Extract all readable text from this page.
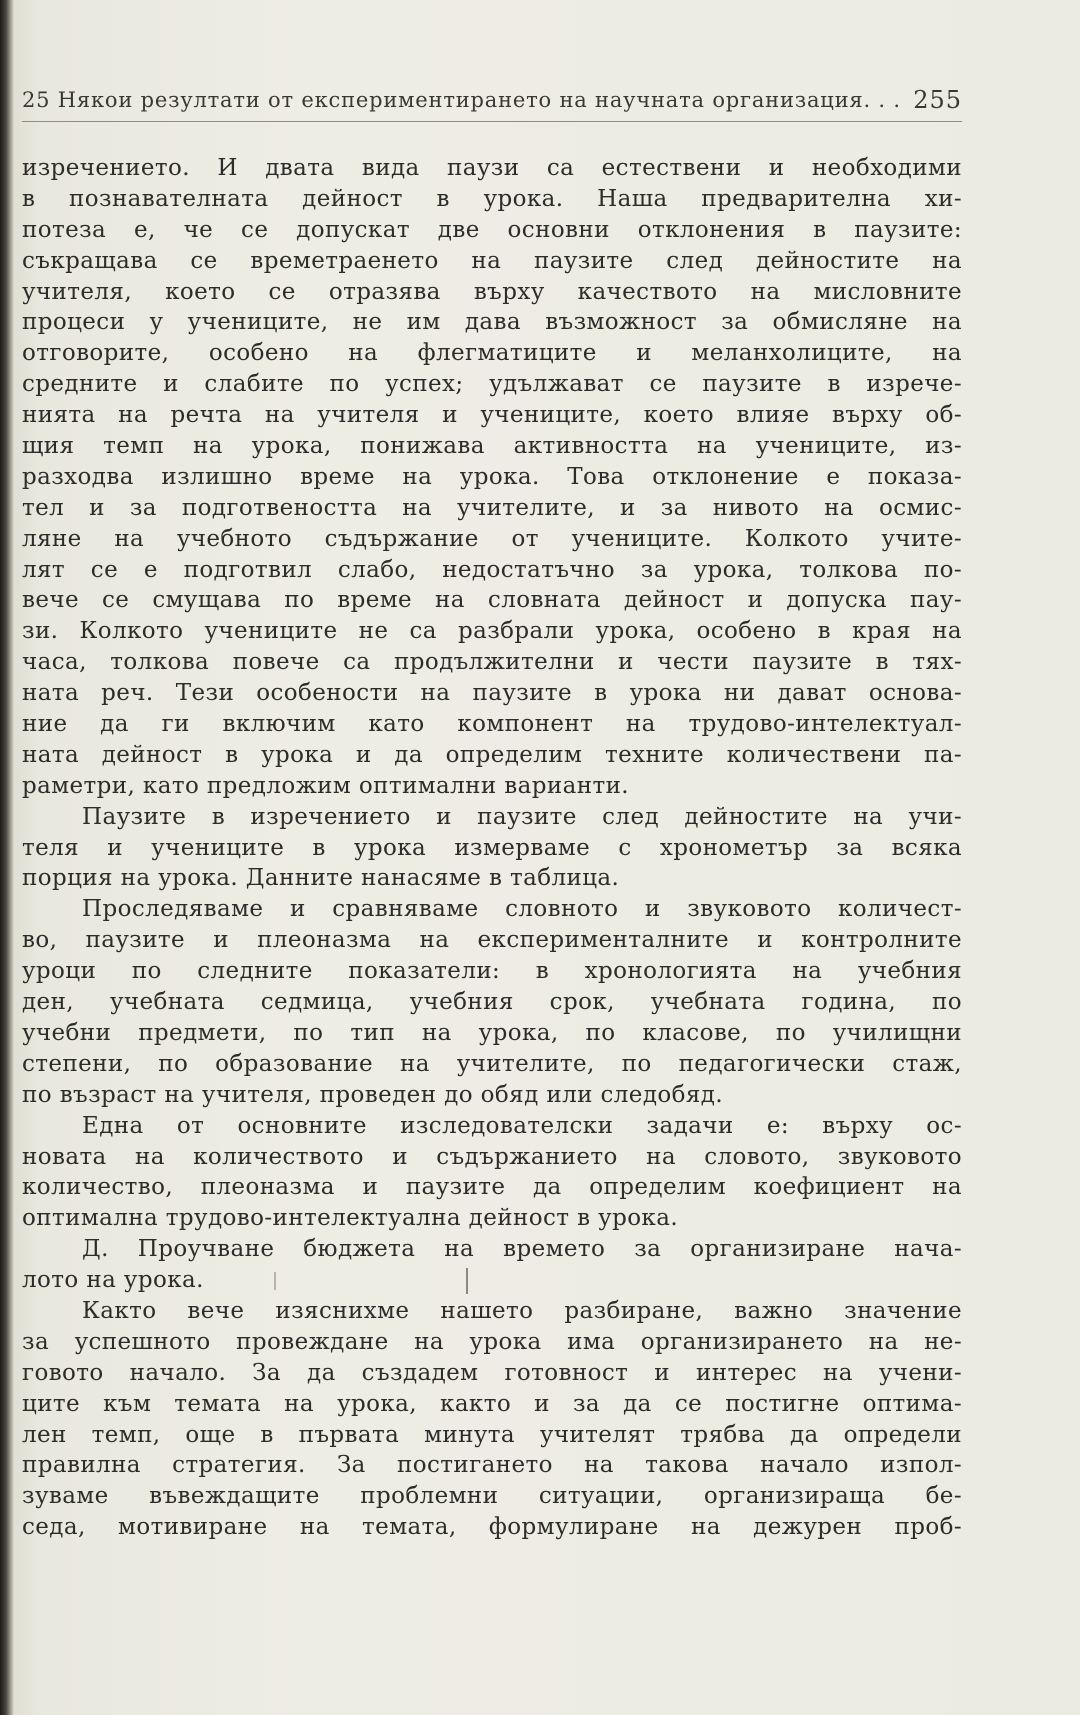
25 Някои резултати от експериментирането на научната организация. . . 255
изречението. И двата вида паузи са естествени и необходими
в познавателната дейност в урока. Наша предварителна хи-
потеза е, че се допускат две основни отклонения в паузите:
съкращава се времетраенето на паузите след дейностите на
учителя, което се отразява върху качеството на мисловните
процеси у учениците, не им дава възможност за обмисляне на
отговорите, особено на флегматиците и меланхолиците, на
средните и слабите по успех; удължават се паузите в изрече-
нията на речта на учителя и учениците, което влияе върху об-
щия темп на урока, понижава активността на учениците, из-
разходва излишно време на урока. Това отклонение е показа-
тел и за подготвеността на учителите, и за нивото на осмис-
ляне на учебното съдържание от учениците. Колкото учите-
лят се е подготвил слабо, недостатъчно за урока, толкова по-
вече се смущава по време на словната дейност и допуска пау-
зи. Колкото учениците не са разбрали урока, особено в края на
часа, толкова повече са продължителни и чести паузите в тях-
ната реч. Тези особености на паузите в урока ни дават основа-
ние да ги включим като компонент на трудово-интелектуал-
ната дейност в урока и да определим техните количествени па-
раметри, като предложим оптимални варианти.
Паузите в изречението и паузите след дейностите на учи-
теля и учениците в урока измерваме с хронометър за всяка
порция на урока. Данните нанасяме в таблица.
Проследяваме и сравняваме словното и звуковото количест-
во, паузите и плеоназма на експерименталните и контролните
уроци по следните показатели: в хронологията на учебния
ден, учебната седмица, учебния срок, учебната година, по
учебни предмети, по тип на урока, по класове, по училищни
степени, по образование на учителите, по педагогически стаж,
по възраст на учителя, проведен до обяд или следобяд.
Една от основните изследователски задачи е: върху ос-
новата на количеството и съдържанието на словото, звуковото
количество, плеоназма и паузите да определим коефициент на
оптимална трудово-интелектуална дейност в урока.
Д. Проучване бюджета на времето за организиране нача-
лото на урока.
Както вече изяснихме нашето разбиране, важно значение
за успешното провеждане на урока има организирането на не-
говото начало. За да създадем готовност и интерес на учени-
ците към темата на урока, както и за да се постигне оптима-
лен темп, още в първата минута учителят трябва да определи
правилна стратегия. За постигането на такова начало изпол-
зуваме въвеждащите проблемни ситуации, организираща бе-
седа, мотивиране на темата, формулиране на дежурен проб-
